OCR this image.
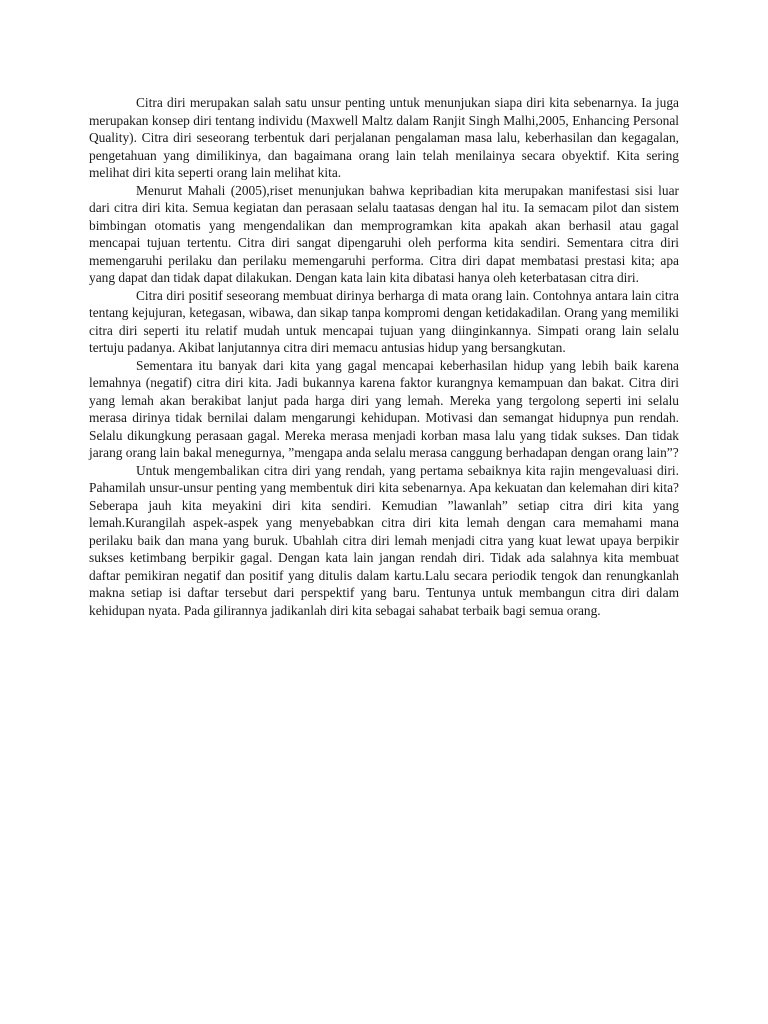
Citra diri merupakan salah satu unsur penting untuk menunjukan siapa diri kita sebenarnya. Ia juga merupakan konsep diri tentang individu (Maxwell Maltz dalam Ranjit Singh Malhi,2005, Enhancing Personal Quality). Citra diri seseorang terbentuk dari perjalanan pengalaman masa lalu, keberhasilan dan kegagalan, pengetahuan yang dimilikinya, dan bagaimana orang lain telah menilainya secara obyektif. Kita sering melihat diri kita seperti orang lain melihat kita.

Menurut Mahali (2005),riset menunjukan bahwa kepribadian kita merupakan manifestasi sisi luar dari citra diri kita. Semua kegiatan dan perasaan selalu taatasas dengan hal itu. Ia semacam pilot dan sistem bimbingan otomatis yang mengendalikan dan memprogramkan kita apakah akan berhasil atau gagal mencapai tujuan tertentu. Citra diri sangat dipengaruhi oleh performa kita sendiri. Sementara citra diri memengaruhi perilaku dan perilaku memengaruhi performa. Citra diri dapat membatasi prestasi kita; apa yang dapat dan tidak dapat dilakukan. Dengan kata lain kita dibatasi hanya oleh keterbatasan citra diri.

Citra diri positif seseorang membuat dirinya berharga di mata orang lain. Contohnya antara lain citra tentang kejujuran, ketegasan, wibawa, dan sikap tanpa kompromi dengan ketidakadilan. Orang yang memiliki citra diri seperti itu relatif mudah untuk mencapai tujuan yang diinginkannya. Simpati orang lain selalu tertuju padanya. Akibat lanjutannya citra diri memacu antusias hidup yang bersangkutan.

Sementara itu banyak dari kita yang gagal mencapai keberhasilan hidup yang lebih baik karena lemahnya (negatif) citra diri kita. Jadi bukannya karena faktor kurangnya kemampuan dan bakat. Citra diri yang lemah akan berakibat lanjut pada harga diri yang lemah. Mereka yang tergolong seperti ini selalu merasa dirinya tidak bernilai dalam mengarungi kehidupan. Motivasi dan semangat hidupnya pun rendah. Selalu dikungkung perasaan gagal. Mereka merasa menjadi korban masa lalu yang tidak sukses. Dan tidak jarang orang lain bakal menegurnya, ”mengapa anda selalu merasa canggung berhadapan dengan orang lain”?

Untuk mengembalikan citra diri yang rendah, yang pertama sebaiknya kita rajin mengevaluasi diri. Pahamilah unsur-unsur penting yang membentuk diri kita sebenarnya. Apa kekuatan dan kelemahan diri kita? Seberapa jauh kita meyakini diri kita sendiri. Kemudian ”lawanlah” setiap citra diri kita yang lemah.Kurangilah aspek-aspek yang menyebabkan citra diri kita lemah dengan cara memahami mana perilaku baik dan mana yang buruk. Ubahlah citra diri lemah menjadi citra yang kuat lewat upaya berpikir sukses ketimbang berpikir gagal. Dengan kata lain jangan rendah diri. Tidak ada salahnya kita membuat daftar pemikiran negatif dan positif yang ditulis dalam kartu.Lalu secara periodik tengok dan renungkanlah makna setiap isi daftar tersebut dari perspektif yang baru. Tentunya untuk membangun citra diri dalam kehidupan nyata. Pada gilirannya jadikanlah diri kita sebagai sahabat terbaik bagi semua orang.
